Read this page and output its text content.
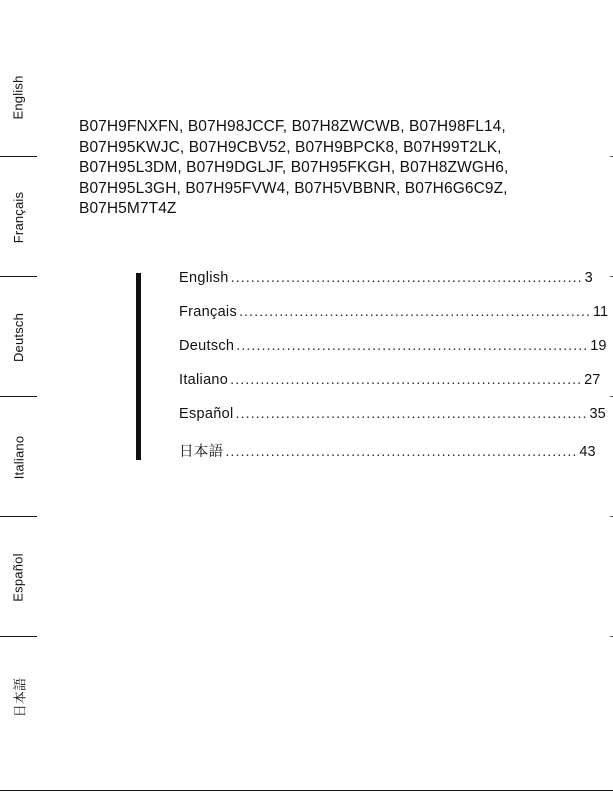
English
Français
Deutsch
Italiano
Español
日本語
B07H9FNXFN, B07H98JCCF, B07H8ZWCWB, B07H98FL14, B07H95KWJC, B07H9CBV52, B07H9BPCK8, B07H99T2LK, B07H95L3DM, B07H9DGLJF, B07H95FKGH, B07H8ZWGH6, B07H95L3GH, B07H95FVW4, B07H5VBBNR, B07H6G6C9Z, B07H5M7T4Z
English ...................................................................... 3
Français ...................................................................... 11
Deutsch ...................................................................... 19
Italiano ...................................................................... 27
Español ...................................................................... 35
日本語 ...................................................................... 43
